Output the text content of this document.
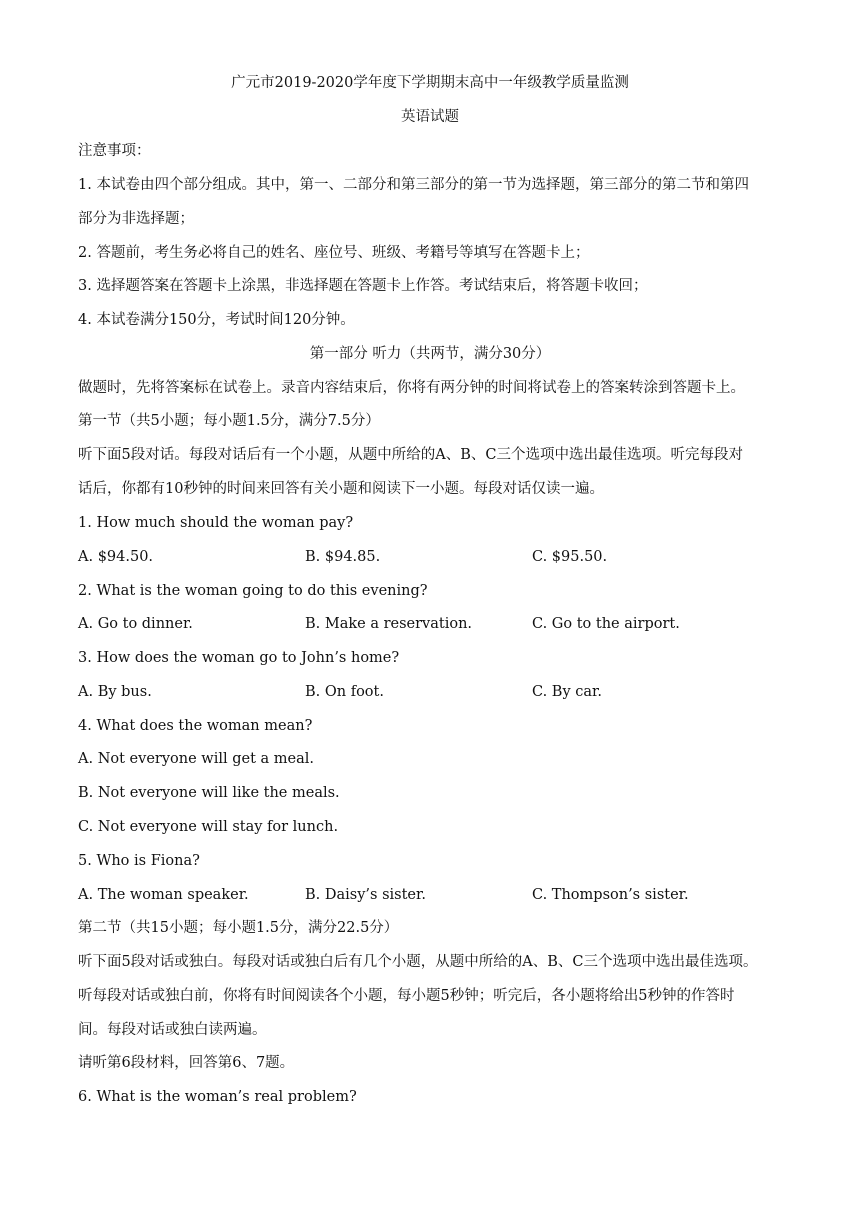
广元市2019-2020学年度下学期期末高中一年级教学质量监测
英语试题
注意事项：
1. 本试卷由四个部分组成。其中，第一、二部分和第三部分的第一节为选择题，第三部分的第二节和第四
部分为非选择题；
2. 答题前，考生务必将自己的姓名、座位号、班级、考籍号等填写在答题卡上；
3. 选择题答案在答题卡上涂黑，非选择题在答题卡上作答。考试结束后，将答题卡收回；
4. 本试卷满分150分，考试时间120分钟。
第一部分 听力（共两节，满分30分）
做题时，先将答案标在试卷上。录音内容结束后，你将有两分钟的时间将试卷上的答案转涂到答题卡上。
第一节（共5小题；每小题1.5分，满分7.5分）
听下面5段对话。每段对话后有一个小题，从题中所给的A、B、C三个选项中选出最佳选项。听完每段对
话后，你都有10秒钟的时间来回答有关小题和阅读下一小题。每段对话仅读一遍。
1. How much should the woman pay?
A. $94.50.	B. $94.85.	C. $95.50.
2. What is the woman going to do this evening?
A. Go to dinner.	B. Make a reservation.	C. Go to the airport.
3. How does the woman go to John’s home?
A. By bus.	B. On foot.	C. By car.
4. What does the woman mean?
A. Not everyone will get a meal.
B. Not everyone will like the meals.
C. Not everyone will stay for lunch.
5. Who is Fiona?
A. The woman speaker.	B. Daisy’s sister.	C. Thompson’s sister.
第二节（共15小题；每小题1.5分，满分22.5分）
听下面5段对话或独白。每段对话或独白后有几个小题，从题中所给的A、B、C三个选项中选出最佳选项。
听每段对话或独白前，你将有时间阅读各个小题，每小题5秒钟；听完后，各小题将给出5秒钟的作答时
间。每段对话或独白读两遍。
请听第6段材料，回答第6、7题。
6. What is the woman’s real problem?
